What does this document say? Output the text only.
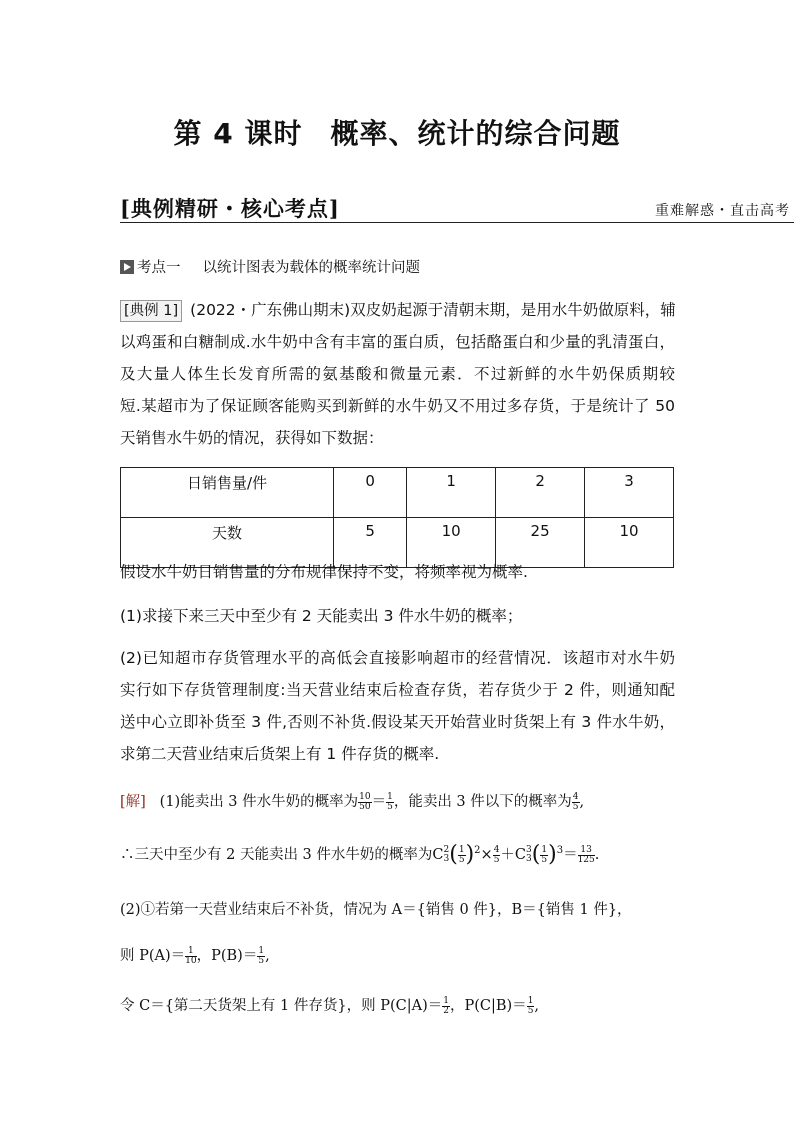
第 4 课时 概率、统计的综合问题
[典例精研・核心考点]	重难解惑・直击高考
考点一 以统计图表为载体的概率统计问题
[典例 1] (2022・广东佛山期末)双皮奶起源于清朝末期，是用水牛奶做原料，辅
以鸡蛋和白糖制成.水牛奶中含有丰富的蛋白质，包括酪蛋白和少量的乳清蛋白，
及大量人体生长发育所需的氨基酸和微量元素．不过新鲜的水牛奶保质期较
短.某超市为了保证顾客能购买到新鲜的水牛奶又不用过多存货，于是统计了 50
天销售水牛奶的情况，获得如下数据：
日销售量/件	0	1	2	3
天数	5	10	25	10
假设水牛奶日销售量的分布规律保持不变，将频率视为概率.
(1)求接下来三天中至少有 2 天能卖出 3 件水牛奶的概率；
(2)已知超市存货管理水平的高低会直接影响超市的经营情况．该超市对水牛奶
实行如下存货管理制度:当天营业结束后检查存货，若存货少于 2 件，则通知配
送中心立即补货至 3 件,否则不补货.假设某天开始营业时货架上有 3 件水牛奶，
求第二天营业结束后货架上有 1 件存货的概率.
[解] (1)能卖出 3 件水牛奶的概率为 $\frac{10}{50} = \frac{1}{5}$ ，能卖出 3 件以下的概率为 $\frac{4}{5}$ ,
∴三天中至少有 2 天能卖出 3 件水牛奶的概率为C 2
3 ( $\frac{1}{5} )^2\times \frac{4}{5} +C$ 3
3 ( $\frac{1}{5} )^3= \frac{13}{125}$ .
(2)①若第一天营业结束后不补货，情况为 A＝{销售 0 件}，B＝{销售 1 件}，
则 $P(A)= \frac{1}{10}$ ，$P(B)= \frac{1}{5}$ ,
令 C＝{第二天货架上有 1 件存货}，则 $P(C|A)= \frac{1}{2}$ ，$P(C|B)= \frac{1}{5}$ ,
